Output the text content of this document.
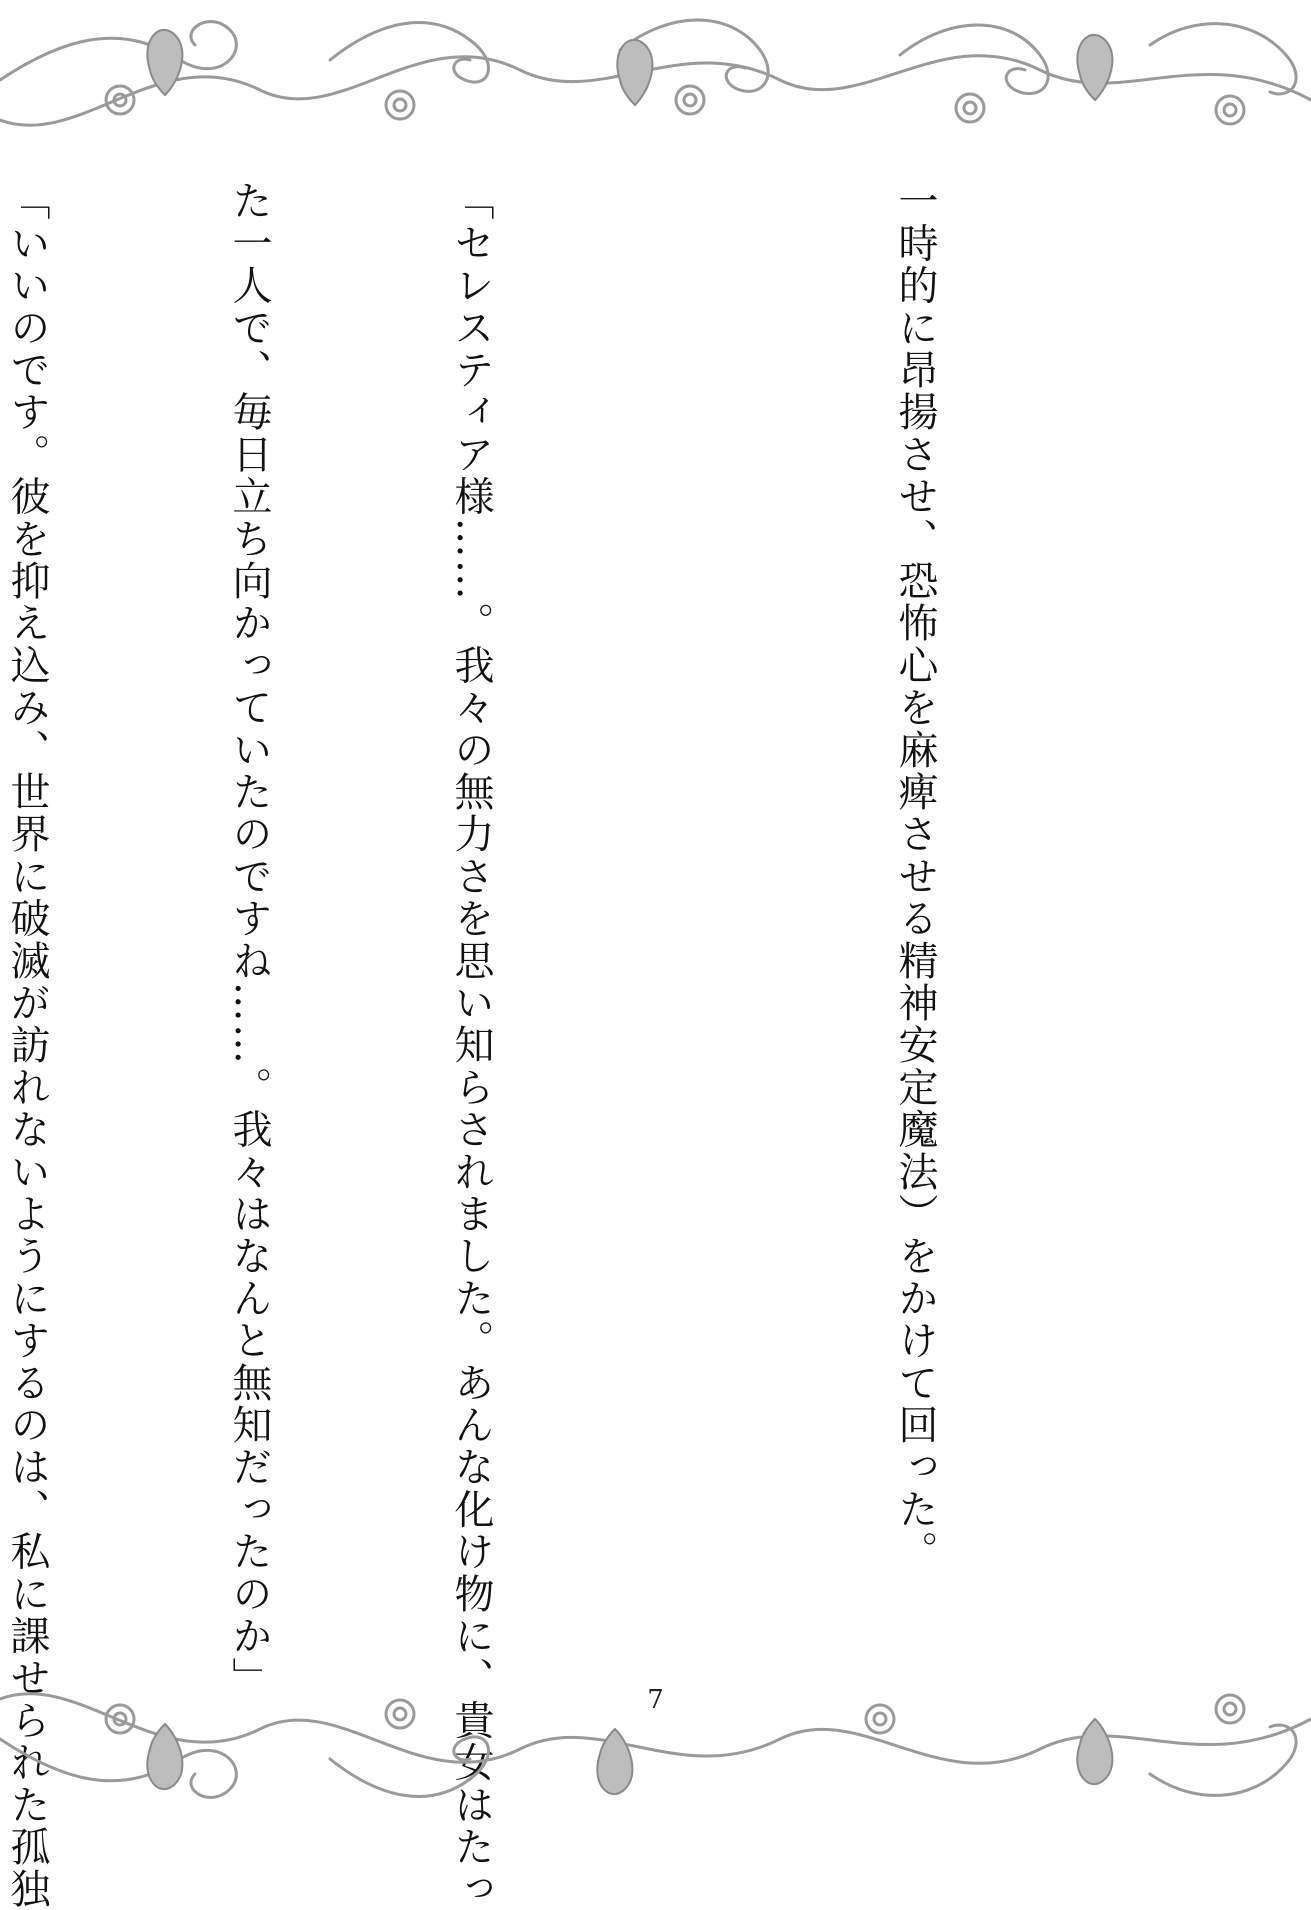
一時的に昂揚させ、恐怖心を麻痺させる精神安定魔法）をかけて回った。

「セレスティア様……。我々の無力さを思い知らされました。あんな化け物に、貴女はたっ

た一人で、毎日立ち向かっていたのですね……。我々はなんと無知だったのか」

「いいのです。彼を抑え込み、世界に破滅が訪れないようにするのは、私に課せられた孤独

	7
